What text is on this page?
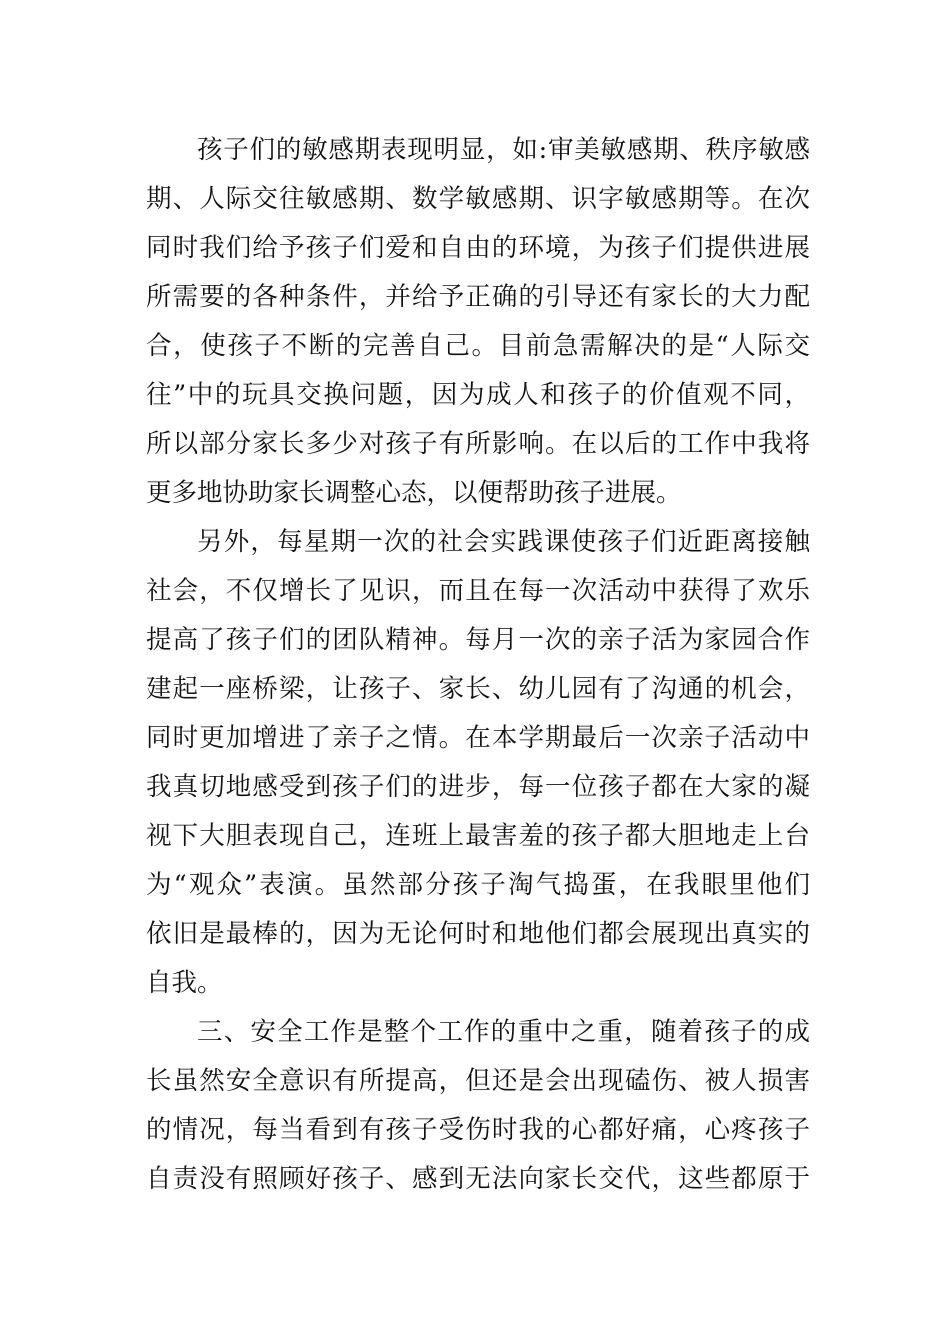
孩子们的敏感期表现明显，如:审美敏感期、秩序敏感
期、人际交往敏感期、数学敏感期、识字敏感期等。在次
同时我们给予孩子们爱和自由的环境，为孩子们提供进展
所需要的各种条件，并给予正确的引导还有家长的大力配
合，使孩子不断的完善自己。目前急需解决的是“人际交
往”中的玩具交换问题，因为成人和孩子的价值观不同，
所以部分家长多少对孩子有所影响。在以后的工作中我将
更多地协助家长调整心态，以便帮助孩子进展。
另外，每星期一次的社会实践课使孩子们近距离接触
社会，不仅增长了见识，而且在每一次活动中获得了欢乐
提高了孩子们的团队精神。每月一次的亲子活为家园合作
建起一座桥梁，让孩子、家长、幼儿园有了沟通的机会，
同时更加增进了亲子之情。在本学期最后一次亲子活动中
我真切地感受到孩子们的进步，每一位孩子都在大家的凝
视下大胆表现自己，连班上最害羞的孩子都大胆地走上台
为“观众”表演。虽然部分孩子淘气捣蛋，在我眼里他们
依旧是最棒的，因为无论何时和地他们都会展现出真实的
自我。
三、安全工作是整个工作的重中之重，随着孩子的成
长虽然安全意识有所提高，但还是会出现磕伤、被人损害
的情况，每当看到有孩子受伤时我的心都好痛，心疼孩子
自责没有照顾好孩子、感到无法向家长交代，这些都原于
